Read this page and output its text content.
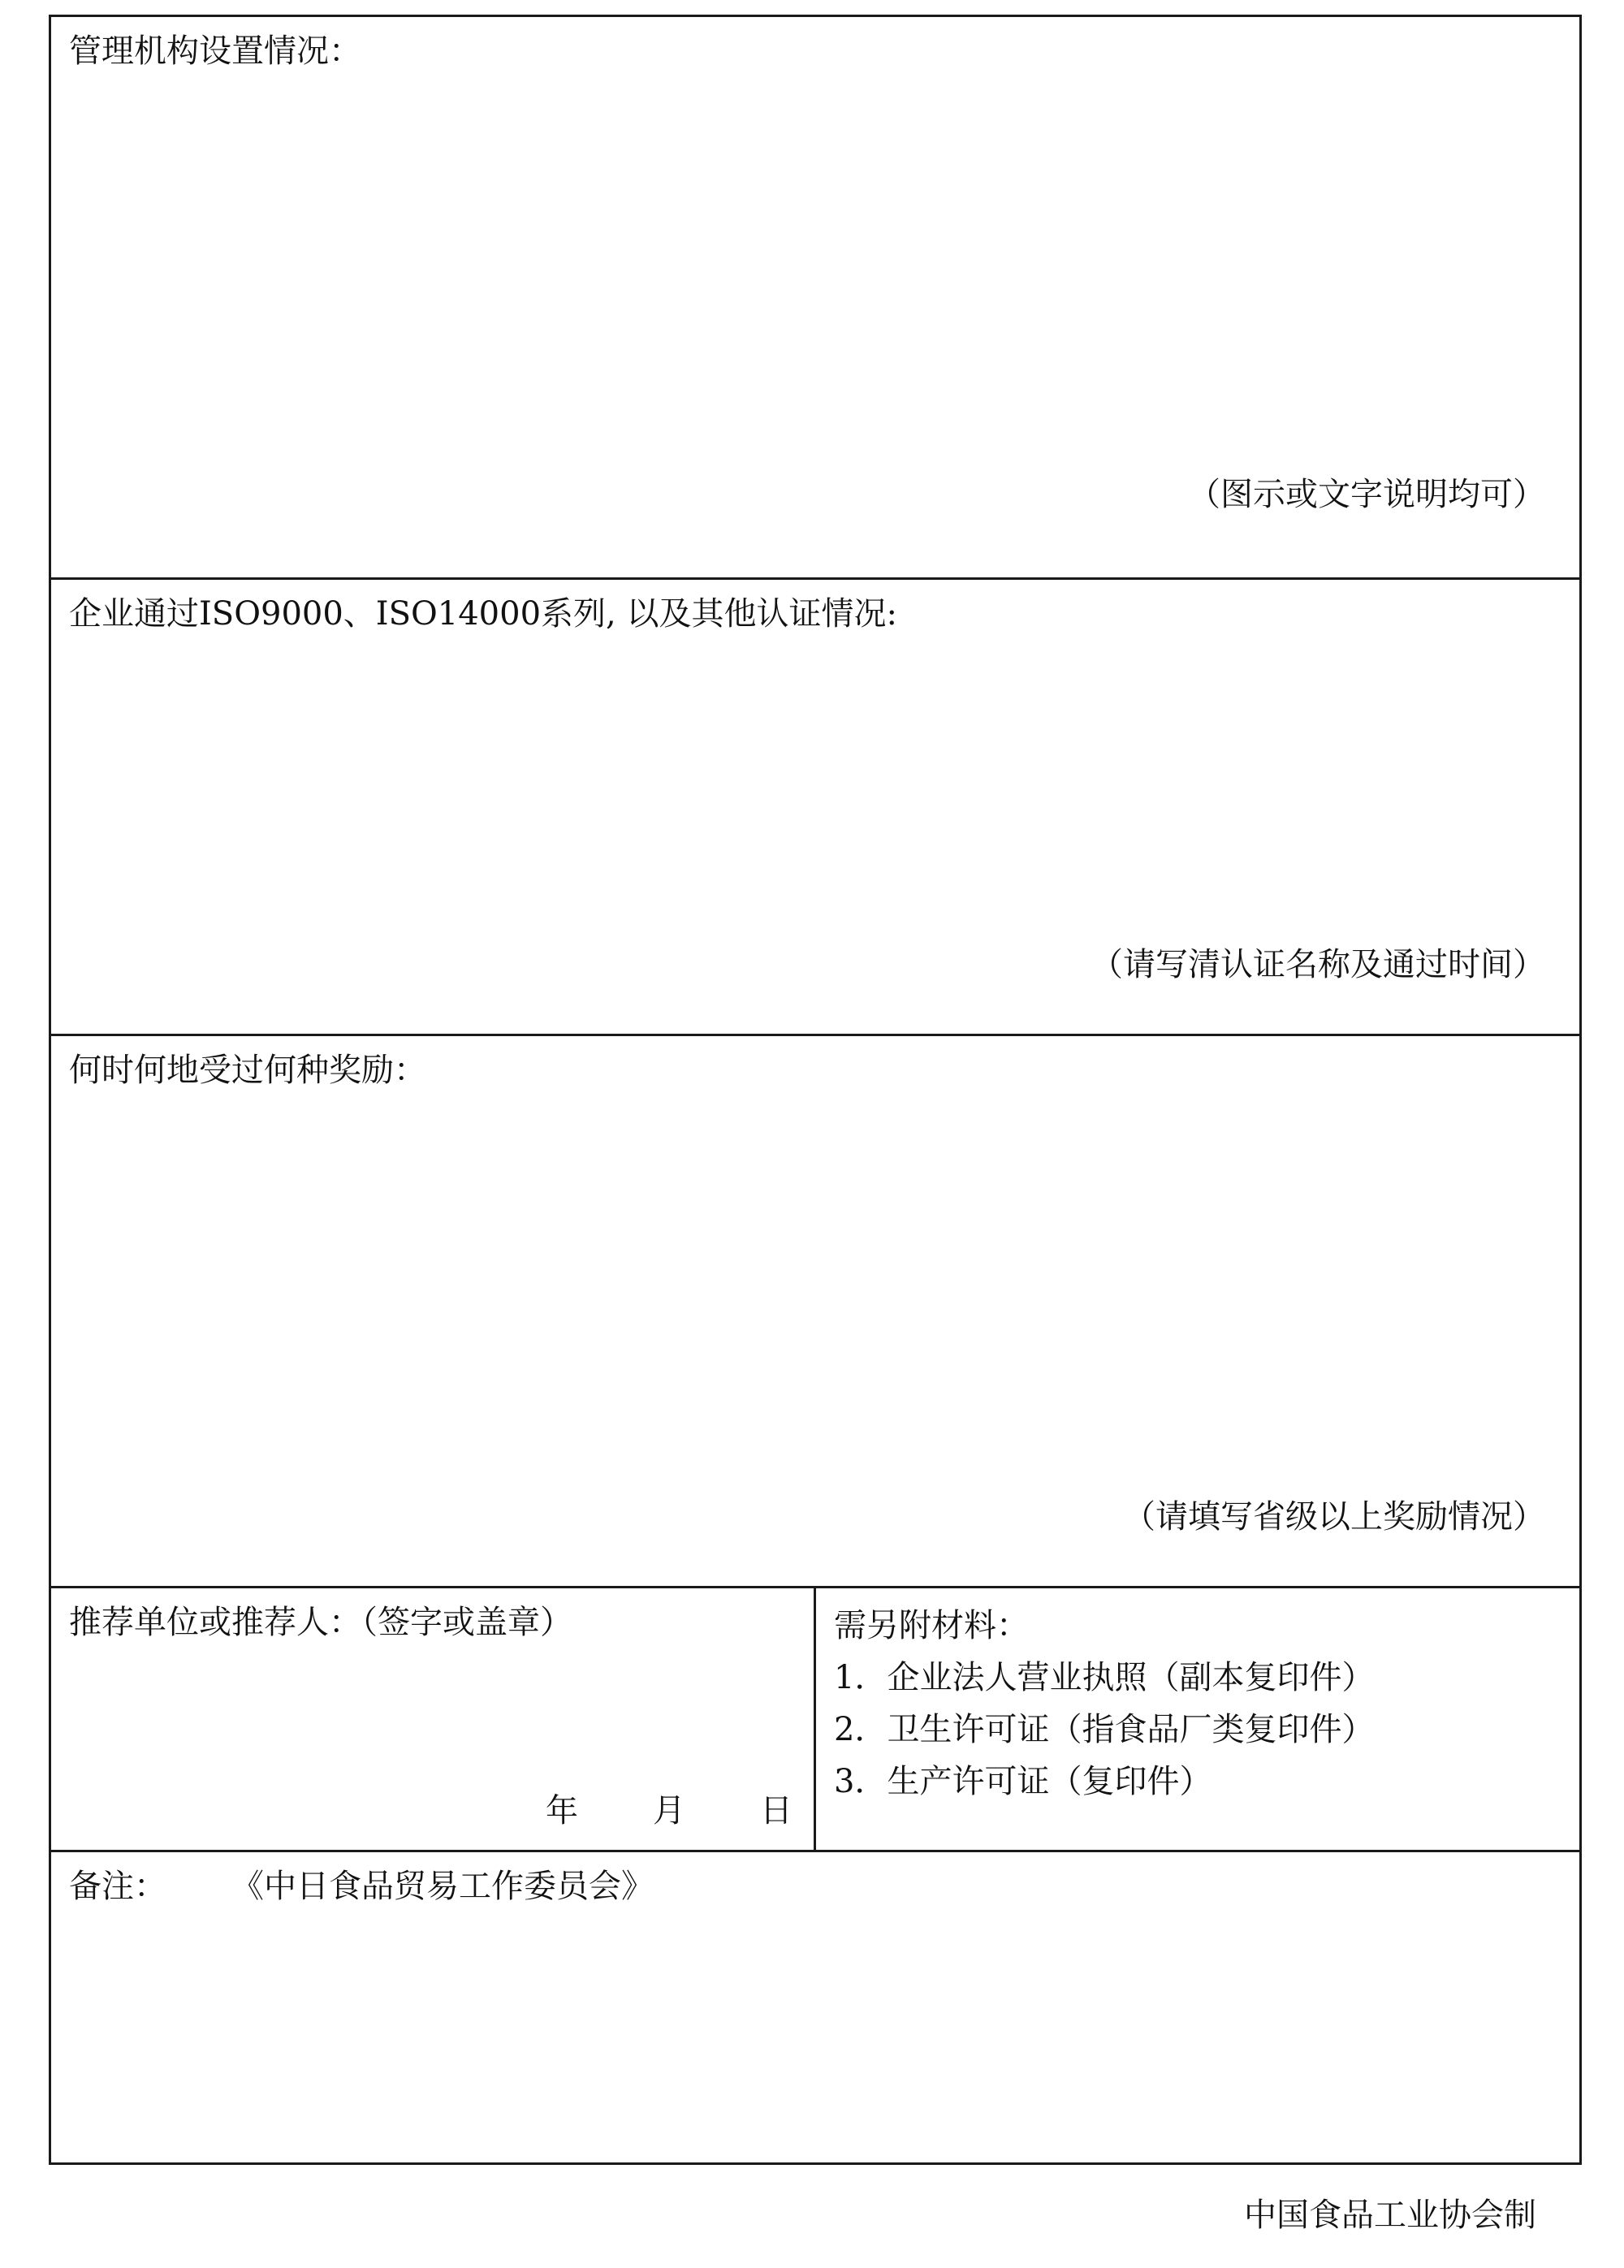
管理机构设置情况：
（图示或文字说明均可）
企业通过ISO9000、ISO14000系列, 以及其他认证情况:
（请写清认证名称及通过时间）
何时何地受过何种奖励：
（请填写省级以上奖励情况）
推荐单位或推荐人：（签字或盖章）
年 月 日
需另附材料：
1．企业法人营业执照（副本复印件）
2．卫生许可证（指食品厂类复印件）
3．生产许可证（复印件）
备注： 《中日食品贸易工作委员会》
中国食品工业协会制
